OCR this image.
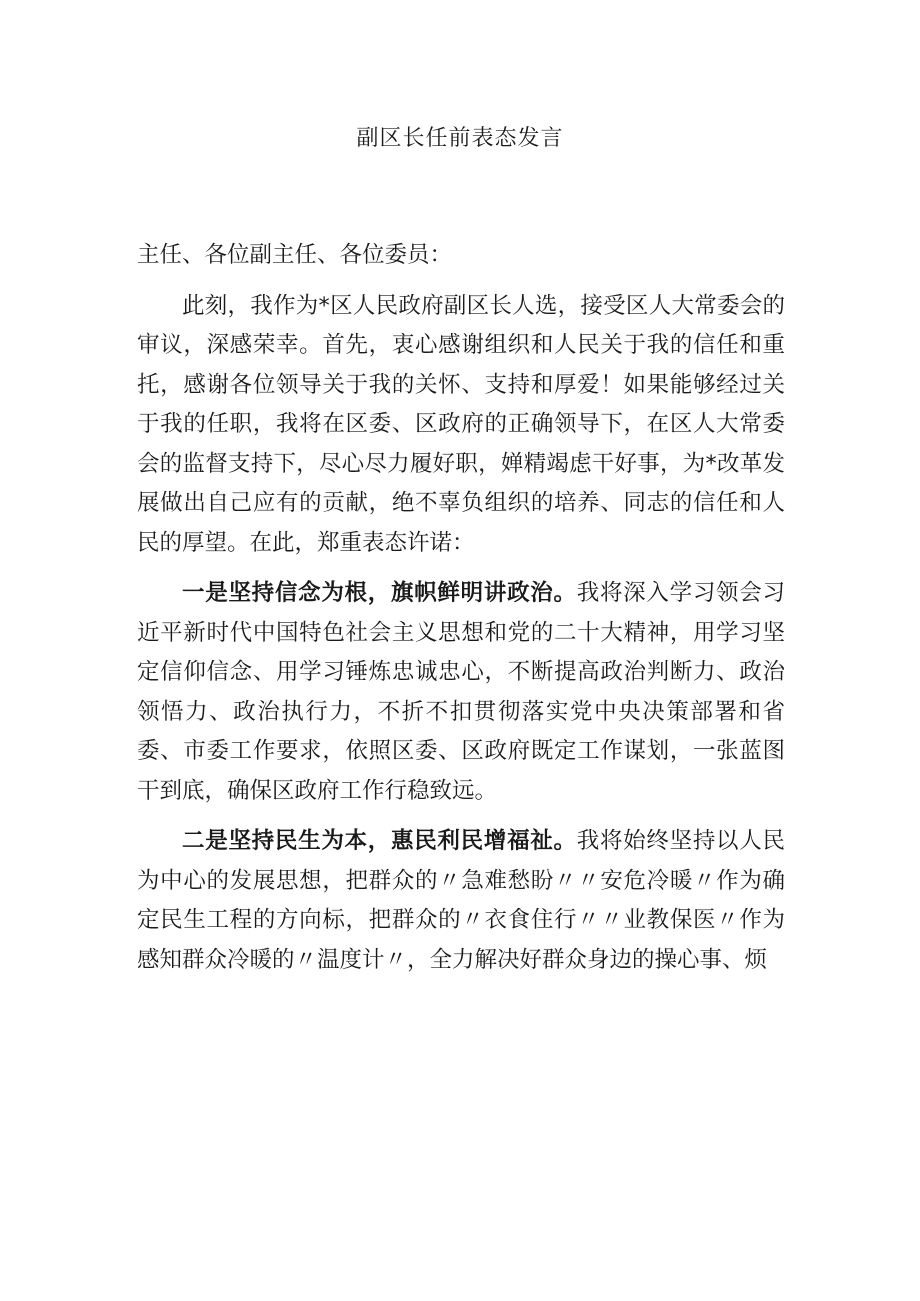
副区长任前表态发言

主任、各位副主任、各位委员：

此刻，我作为*区人民政府副区长人选，接受区人大常委会的审议，深感荣幸。首先，衷心感谢组织和人民关于我的信任和重托，感谢各位领导关于我的关怀、支持和厚爱！如果能够经过关于我的任职，我将在区委、区政府的正确领导下，在区人大常委会的监督支持下，尽心尽力履好职，婵精竭虑干好事，为*改革发展做出自己应有的贡献，绝不辜负组织的培养、同志的信任和人民的厚望。在此，郑重表态许诺：

一是坚持信念为根，旗帜鲜明讲政治。我将深入学习领会习近平新时代中国特色社会主义思想和党的二十大精神，用学习坚定信仰信念、用学习锤炼忠诚忠心，不断提高政治判断力、政治领悟力、政治执行力，不折不扣贯彻落实党中央决策部署和省委、市委工作要求，依照区委、区政府既定工作谋划，一张蓝图干到底，确保区政府工作行稳致远。

二是坚持民生为本，惠民利民增福祉。我将始终坚持以人民为中心的发展思想，把群众的〃急难愁盼〃〃安危冷暖〃作为确定民生工程的方向标，把群众的〃衣食住行〃〃业教保医〃作为感知群众冷暖的〃温度计〃，全力解决好群众身边的操心事、烦
